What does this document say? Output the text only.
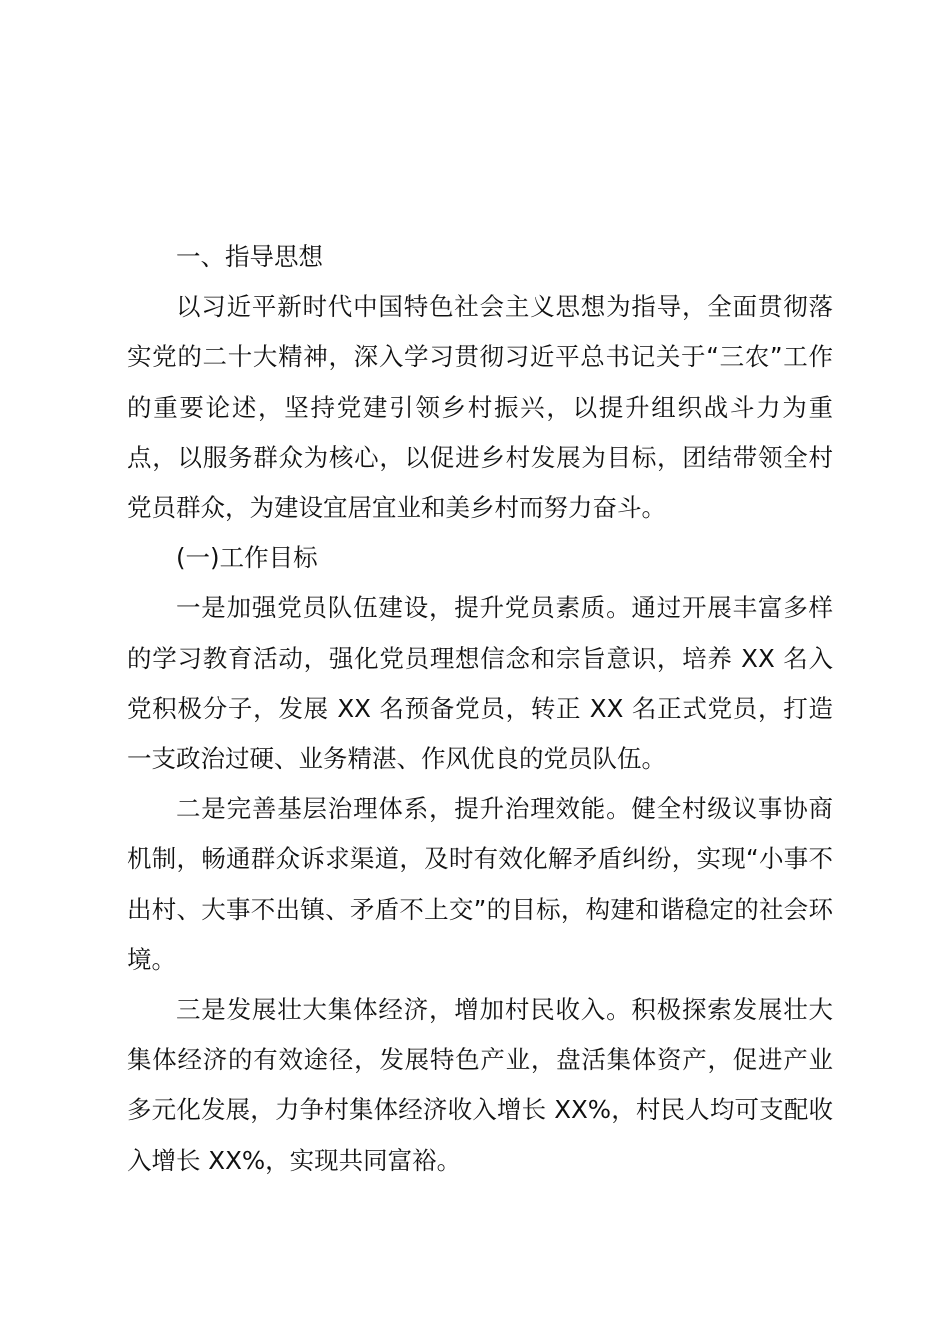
一、指导思想

以习近平新时代中国特色社会主义思想为指导，全面贯彻落实党的二十大精神，深入学习贯彻习近平总书记关于“三农”工作的重要论述，坚持党建引领乡村振兴，以提升组织战斗力为重点，以服务群众为核心，以促进乡村发展为目标，团结带领全村党员群众，为建设宜居宜业和美乡村而努力奋斗。

(一)工作目标

一是加强党员队伍建设，提升党员素质。通过开展丰富多样的学习教育活动，强化党员理想信念和宗旨意识，培养 XX 名入党积极分子，发展 XX 名预备党员，转正 XX 名正式党员，打造一支政治过硬、业务精湛、作风优良的党员队伍。

二是完善基层治理体系，提升治理效能。健全村级议事协商机制，畅通群众诉求渠道，及时有效化解矛盾纠纷，实现“小事不出村、大事不出镇、矛盾不上交”的目标，构建和谐稳定的社会环境。

三是发展壮大集体经济，增加村民收入。积极探索发展壮大集体经济的有效途径，发展特色产业，盘活集体资产，促进产业多元化发展，力争村集体经济收入增长 XX%，村民人均可支配收入增长 XX%，实现共同富裕。
